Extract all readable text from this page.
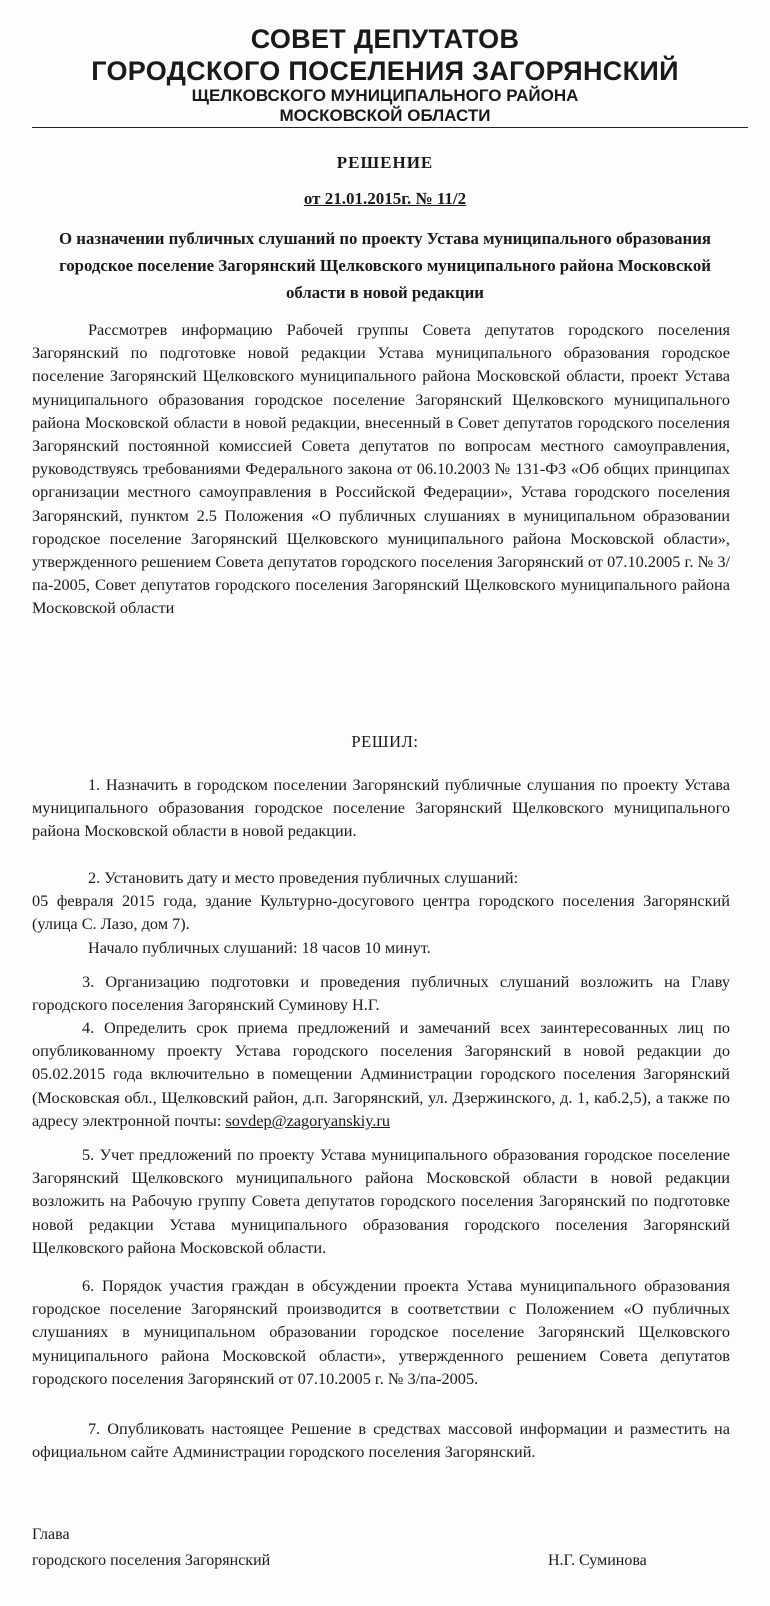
СОВЕТ ДЕПУТАТОВ
ГОРОДСКОГО ПОСЕЛЕНИЯ ЗАГОРЯНСКИЙ
ЩЕЛКОВСКОГО МУНИЦИПАЛЬНОГО РАЙОНА
МОСКОВСКОЙ ОБЛАСТИ
РЕШЕНИЕ
от 21.01.2015г. № 11/2
О назначении публичных слушаний по проекту Устава муниципального образования городское поселение Загорянский Щелковского муниципального района Московской области в новой редакции

Рассмотрев информацию Рабочей группы Совета депутатов городского поселения Загорянский по подготовке новой редакции Устава муниципального образования городское поселение Загорянский Щелковского муниципального района Московской области, проект Устава муниципального образования городское поселение Загорянский Щелковского муниципального района Московской области в новой редакции, внесенный в Совет депутатов городского поселения Загорянский постоянной комиссией Совета депутатов по вопросам местного самоуправления, руководствуясь требованиями Федерального закона от 06.10.2003 № 131-ФЗ «Об общих принципах организации местного самоуправления в Российской Федерации», Устава городского поселения Загорянский, пунктом 2.5 Положения «О публичных слушаниях в муниципальном образовании городское поселение Загорянский Щелковского муниципального района Московской области», утвержденного решением Совета депутатов городского поселения Загорянский от 07.10.2005 г. № 3/па-2005, Совет депутатов городского поселения Загорянский Щелковского муниципального района Московской области

РЕШИЛ:

1. Назначить в городском поселении Загорянский публичные слушания по проекту Устава муниципального образования городское поселение Загорянский Щелковского муниципального района Московской области в новой редакции.

2. Установить дату и место проведения публичных слушаний:

05 февраля 2015 года, здание Культурно-досугового центра городского поселения Загорянский (улица С. Лазо, дом 7).

Начало публичных слушаний: 18 часов 10 минут.

3. Организацию подготовки и проведения публичных слушаний возложить на Главу городского поселения Загорянский Суминову Н.Г.

4. Определить срок приема предложений и замечаний всех заинтересованных лиц по опубликованному проекту Устава городского поселения Загорянский в новой редакции до 05.02.2015 года включительно в помещении Администрации городского поселения Загорянский (Московская обл., Щелковский район, д.п. Загорянский, ул. Дзержинского, д. 1, каб.2,5), а также по адресу электронной почты: sovdep@zagoryanskiy.ru

5. Учет предложений по проекту Устава муниципального образования городское поселение Загорянский Щелковского муниципального района Московской области в новой редакции возложить на Рабочую группу Совета депутатов городского поселения Загорянский по подготовке новой редакции Устава муниципального образования городского поселения Загорянский Щелковского района Московской области.

6. Порядок участия граждан в обсуждении проекта Устава муниципального образования городское поселение Загорянский производится в соответствии с Положением «О публичных слушаниях в муниципальном образовании городское поселение Загорянский Щелковского муниципального района Московской области», утвержденного решением Совета депутатов городского поселения Загорянский от 07.10.2005 г. № 3/па-2005.

7. Опубликовать настоящее Решение в средствах массовой информации и разместить на официальном сайте Администрации городского поселения Загорянский.

Глава
городского поселения Загорянский	Н.Г. Суминова
